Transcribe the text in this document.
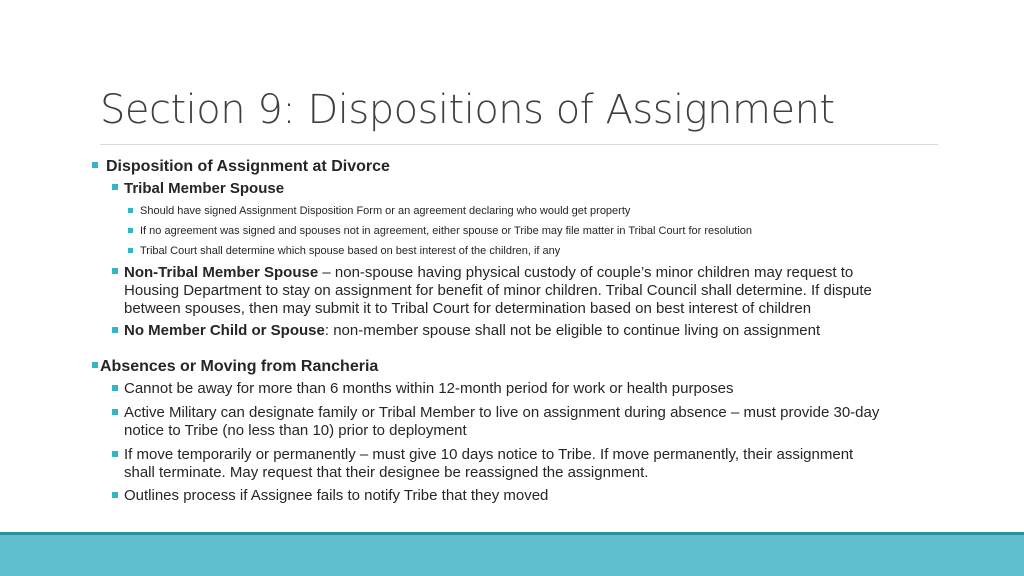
Section 9: Dispositions of Assignment
Disposition of Assignment at Divorce
Tribal Member Spouse
Should have signed Assignment Disposition Form or an agreement declaring who would get property
If no agreement was signed and spouses not in agreement, either spouse or Tribe may file matter in Tribal Court for resolution
Tribal Court shall determine which spouse based on best interest of the children, if any
Non-Tribal Member Spouse – non-spouse having physical custody of couple’s minor children may request to
Housing Department to stay on assignment for benefit of minor children. Tribal Council shall determine. If dispute
between spouses, then may submit it to Tribal Court for determination based on best interest of children
No Member Child or Spouse: non-member spouse shall not be eligible to continue living on assignment
Absences or Moving from Rancheria
Cannot be away for more than 6 months within 12-month period for work or health purposes
Active Military can designate family or Tribal Member to live on assignment during absence – must provide 30-day
notice to Tribe (no less than 10) prior to deployment
If move temporarily or permanently – must give 10 days notice to Tribe. If move permanently, their assignment
shall terminate. May request that their designee be reassigned the assignment.
Outlines process if Assignee fails to notify Tribe that they moved
